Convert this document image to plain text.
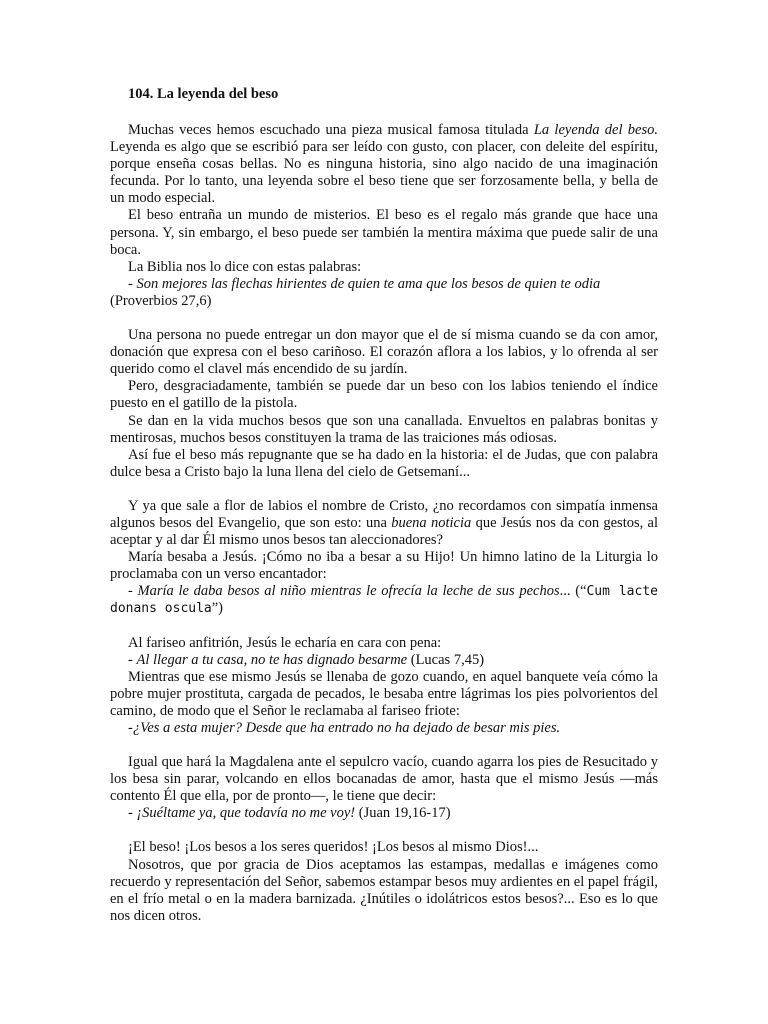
104. La leyenda del beso

Muchas veces hemos escuchado una pieza musical famosa titulada La leyenda del beso. Leyenda es algo que se escribió para ser leído con gusto, con placer, con deleite del espíritu, porque enseña cosas bellas. No es ninguna historia, sino algo nacido de una imaginación fecunda. Por lo tanto, una leyenda sobre el beso tiene que ser forzosamente bella, y bella de un modo especial.

El beso entraña un mundo de misterios. El beso es el regalo más grande que hace una persona. Y, sin embargo, el beso puede ser también la mentira máxima que puede salir de una boca.

La Biblia nos lo dice con estas palabras:

- Son mejores las flechas hirientes de quien te ama que los besos de quien te odia

(Proverbios 27,6)

Una persona no puede entregar un don mayor que el de sí misma cuando se da con amor, donación que expresa con el beso cariñoso. El corazón aflora a los labios, y lo ofrenda al ser querido como el clavel más encendido de su jardín.

Pero, desgraciadamente, también se puede dar un beso con los labios teniendo el índice puesto en el gatillo de la pistola.

Se dan en la vida muchos besos que son una canallada. Envueltos en palabras bonitas y mentirosas, muchos besos constituyen la trama de las traiciones más odiosas.

Así fue el beso más repugnante que se ha dado en la historia: el de Judas, que con palabra dulce besa a Cristo bajo la luna llena del cielo de Getsemaní...

Y ya que sale a flor de labios el nombre de Cristo, ¿no recordamos con simpatía inmensa algunos besos del Evangelio, que son esto: una buena noticia que Jesús nos da con gestos, al aceptar y al dar Él mismo unos besos tan aleccionadores?

María besaba a Jesús. ¡Cómo no iba a besar a su Hijo! Un himno latino de la Liturgia lo proclamaba con un verso encantador:

- María le daba besos al niño mientras le ofrecía la leche de sus pechos... (“Cum lacte donans oscula”)

Al fariseo anfitrión, Jesús le echaría en cara con pena:

- Al llegar a tu casa, no te has dignado besarme (Lucas 7,45)

Mientras que ese mismo Jesús se llenaba de gozo cuando, en aquel banquete veía cómo la pobre mujer prostituta, cargada de pecados, le besaba entre lágrimas los pies polvorientos del camino, de modo que el Señor le reclamaba al fariseo friote:

-¿Ves a esta mujer? Desde que ha entrado no ha dejado de besar mis pies.

Igual que hará la Magdalena ante el sepulcro vacío, cuando agarra los pies de Resucitado y los besa sin parar, volcando en ellos bocanadas de amor, hasta que el mismo Jesús —más contento Él que ella, por de pronto—, le tiene que decir:

- ¡Suéltame ya, que todavía no me voy! (Juan 19,16-17)

¡El beso! ¡Los besos a los seres queridos! ¡Los besos al mismo Dios!...

Nosotros, que por gracia de Dios aceptamos las estampas, medallas e imágenes como recuerdo y representación del Señor, sabemos estampar besos muy ardientes en el papel frágil, en el frío metal o en la madera barnizada. ¿Inútiles o idolátricos estos besos?... Eso es lo que nos dicen otros.
